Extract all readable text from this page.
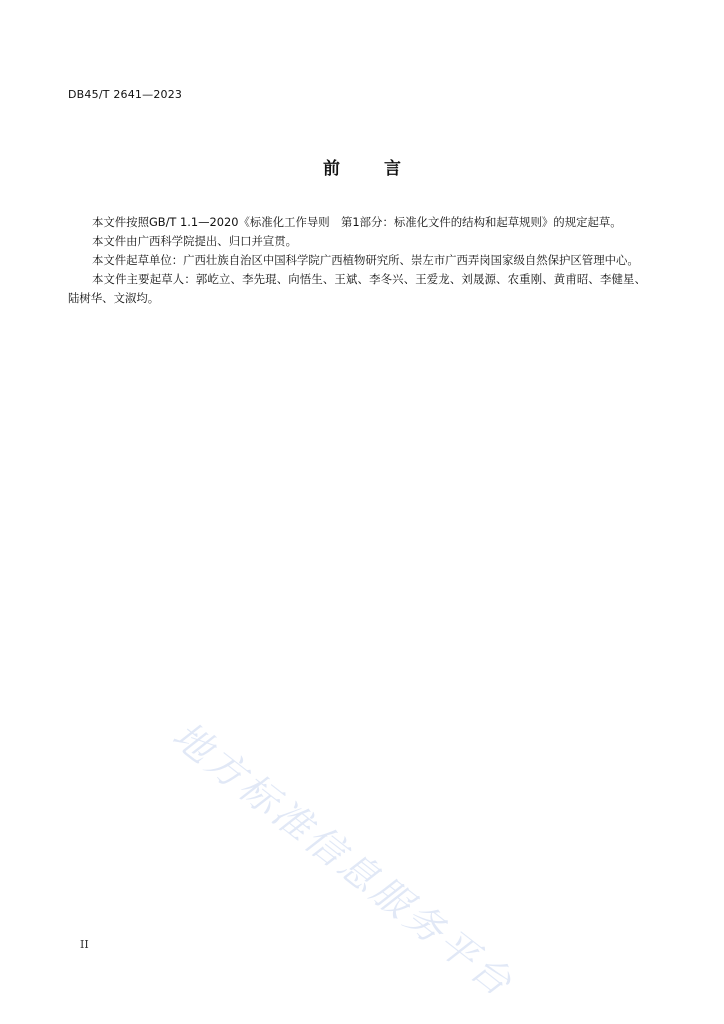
DB45/T 2641—2023
前	言

本文件按照GB/T 1.1—2020《标准化工作导则　第1部分：标准化文件的结构和起草规则》的规定起草。

本文件由广西科学院提出、归口并宣贯。

本文件起草单位：广西壮族自治区中国科学院广西植物研究所、崇左市广西弄岗国家级自然保护区管理中心。

本文件主要起草人：郭屹立、李先琨、向悟生、王斌、李冬兴、王爱龙、刘晟源、农重刚、黄甫昭、李健星、陆树华、文淑均。

地方标准信息服务平台
II
